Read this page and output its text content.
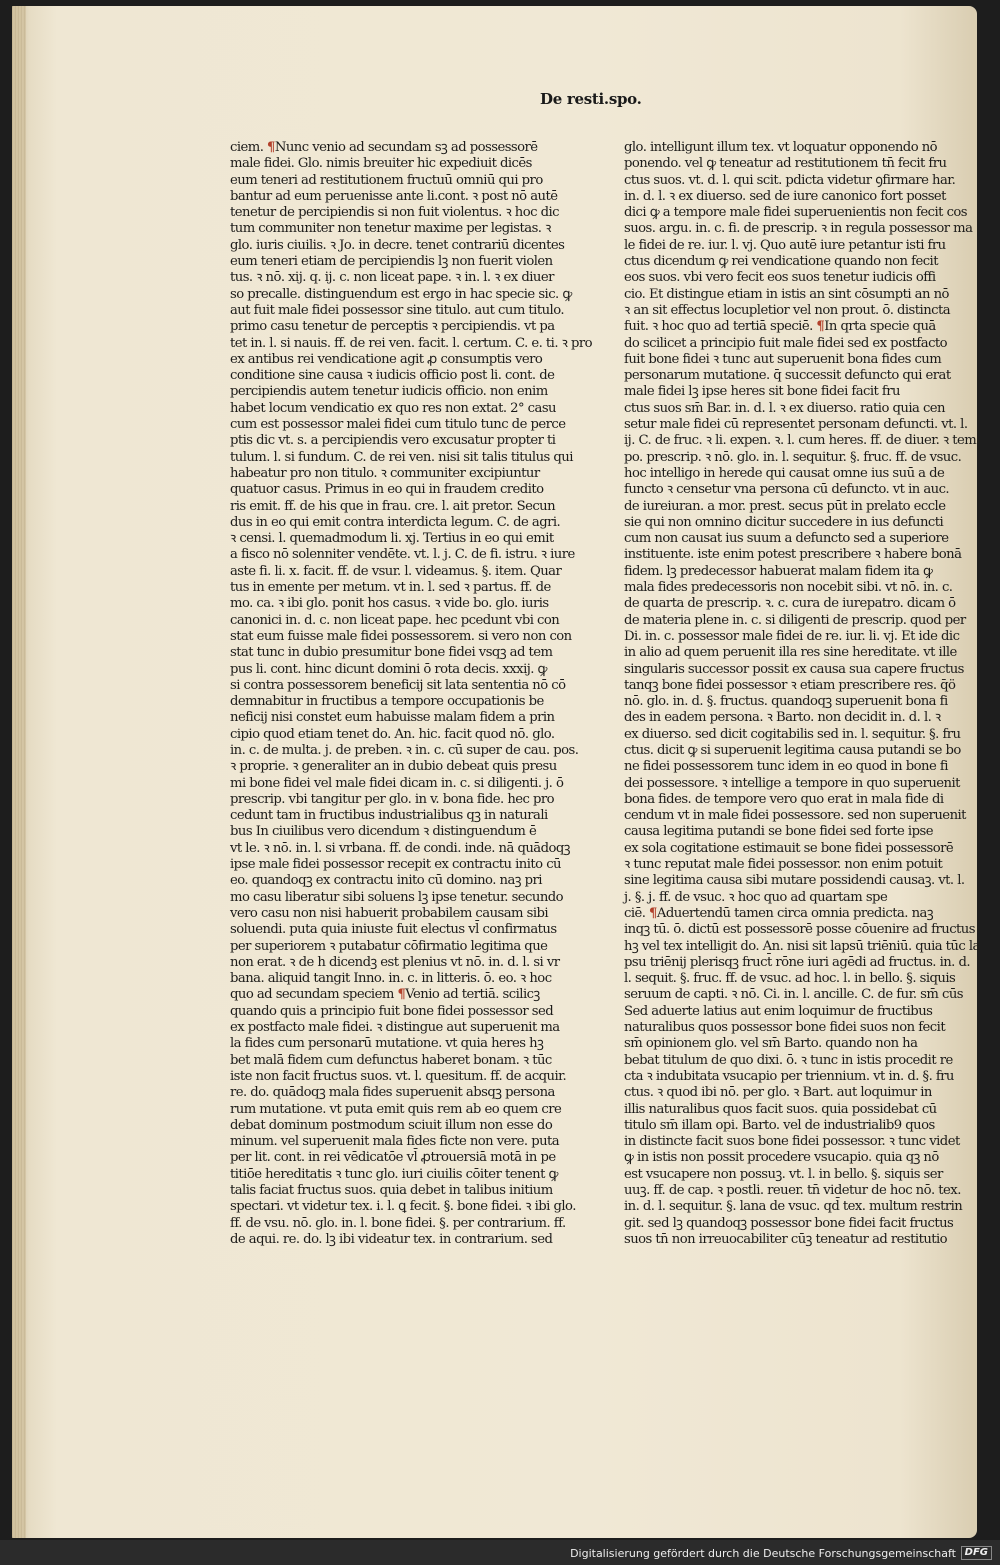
De resti.spo.
ciem. ¶Nunc venio ad secundam sꝫ ad possessorē
male fidei. Glo. nimis breuiter hic expediuit dicēs
eum teneri ad restitutionem fructuū omniū qui pro
bantur ad eum peruenisse ante li.cont. ꝛ post nō autē
tenetur de percipiendis si non fuit violentus. ꝛ hoc dic
tum communiter non tenetur maxime per legistas. ꝛ
glo. iuris ciuilis. ꝛ Jo. in decre. tenet contrariū dicentes
eum teneri etiam de percipiendis lꝫ non fuerit violen
tus. ꝛ nō. xij. q. ij. c. non liceat pape. ꝛ in. l. ꝛ ex diuer
so precalle. distinguendum est ergo in hac specie sic. ꝙ
aut fuit male fidei possessor sine titulo. aut cum titulo.
primo casu tenetur de perceptis ꝛ percipiendis. vt pa
tet in. l. si nauis. ff. de rei ven. facit. l. certum. C. e. ti. ꝛ pro
ex antibus rei vendicatione agit ꝓ consumptis vero
conditione sine causa ꝛ iudicis officio post li. cont. de
percipiendis autem tenetur iudicis officio. non enim
habet locum vendicatio ex quo res non extat. 2° casu
cum est possessor malei fidei cum titulo tunc de perce
ptis dic vt. s. a percipiendis vero excusatur propter ti
tulum. l. si fundum. C. de rei ven. nisi sit talis titulus qui
habeatur pro non titulo. ꝛ communiter excipiuntur
quatuor casus. Primus in eo qui in fraudem credito
ris emit. ff. de his que in frau. cre. l. ait pretor. Secun
dus in eo qui emit contra interdicta legum. C. de agri.
ꝛ censi. l. quemadmodum li. xj. Tertius in eo qui emit
a fisco nō solenniter vendēte. vt. l. j. C. de fi. istru. ꝛ iure
aste fi. li. x. facit. ff. de vsur. l. videamus. §. item. Quar
tus in emente per metum. vt in. l. sed ꝛ partus. ff. de
mo. ca. ꝛ ibi glo. ponit hos casus. ꝛ vide bo. glo. iuris
canonici in. d. c. non liceat pape. hec pcedunt vbi con
stat eum fuisse male fidei possessorem. si vero non con
stat tunc in dubio presumitur bone fidei vsqꝫ ad tem
pus li. cont. hinc dicunt domini ō rota decis. xxxij. ꝙ
si contra possessorem beneficij sit lata sententia nō cō
demnabitur in fructibus a tempore occupationis be
neficij nisi constet eum habuisse malam fidem a prin
cipio quod etiam tenet do. An. hic. facit quod nō. glo.
in. c. de multa. j. de preben. ꝛ in. c. cū super de cau. pos.
ꝛ proprie. ꝛ generaliter an in dubio debeat quis presu
mi bone fidei vel male fidei dicam in. c. si diligenti. j. ō
prescrip. vbi tangitur per glo. in v. bona fide. hec pro
cedunt tam in fructibus industrialibus qꝫ in naturali
bus In ciuilibus vero dicendum ꝛ distinguendum ē
vt le. ꝛ nō. in. l. si vrbana. ff. de condi. inde. nā quādoqꝫ
ipse male fidei possessor recepit ex contractu inito cū
eo. quandoqꝫ ex contractu inito cū domino. naꝫ pri
mo casu liberatur sibi soluens lꝫ ipse tenetur. secundo
vero casu non nisi habuerit probabilem causam sibi
soluendi. puta quia iniuste fuit electus vl̄ confirmatus
per superiorem ꝛ putabatur cōfirmatio legitima que
non erat. ꝛ de h dicendꝫ est plenius vt nō. in. d. l. si vr
bana. aliquid tangit Inno. in. c. in litteris. ō. eo. ꝛ hoc
quo ad secundam speciem ¶Venio ad tertiā. scilicꝫ
quando quis a principio fuit bone fidei possessor sed
ex postfacto male fidei. ꝛ distingue aut superuenit ma
la fides cum personarū mutatione. vt quia heres hꝫ
bet malā fidem cum defunctus haberet bonam. ꝛ tūc
iste non facit fructus suos. vt. l. quesitum. ff. de acquir.
re. do. quādoqꝫ mala fides superuenit absqꝫ persona
rum mutatione. vt puta emit quis rem ab eo quem cre
debat dominum postmodum sciuit illum non esse do
minum. vel superuenit mala fides ficte non vere. puta
per lit. cont. in rei vēdicatōe vl̄ ꝓtrouersiā motā in pe
titiōe hereditatis ꝛ tunc glo. iuri ciuilis cōiter tenent ꝙ
talis faciat fructus suos. quia debet in talibus initium
spectari. vt videtur tex. i. l. ꝗ fecit. §. bone fidei. ꝛ ibi glo.
ff. de vsu. nō. glo. in. l. bone fidei. §. per contrarium. ff.
de aqui. re. do. lꝫ ibi videatur tex. in contrarium. sed
glo. intelligunt illum tex. vt loquatur opponendo nō
ponendo. vel ꝙ teneatur ad restitutionem tn̄ fecit fru
ctus suos. vt. d. l. qui scit. pdicta videtur ꝯfirmare har.
in. d. l. ꝛ ex diuerso. sed de iure canonico fort posset
dici ꝙ a tempore male fidei superuenientis non fecit cos
suos. argu. in. c. fi. de prescrip. ꝛ in regula possessor ma
le fidei de re. iur. l. vj. Quo autē iure petantur isti fru
ctus dicendum ꝙ rei vendicatione quando non fecit
eos suos. vbi vero fecit eos suos tenetur iudicis offi
cio. Et distingue etiam in istis an sint cōsumpti an nō
ꝛ an sit effectus locupletior vel non prout. ō. distincta
fuit. ꝛ hoc quo ad tertiā speciē. ¶In qrta specie quā
do scilicet a principio fuit male fidei sed ex postfacto
fuit bone fidei ꝛ tunc aut superuenit bona fides cum
personarum mutatione. q̄ successit defuncto qui erat
male fidei lꝫ ipse heres sit bone fidei facit fru
ctus suos sm̄ Bar. in. d. l. ꝛ ex diuerso. ratio quia cen
setur male fidei cū representet personam defuncti. vt. l.
ij. C. de fruc. ꝛ li. expen. ꝛ. l. cum heres. ff. de diuer. ꝛ tem
po. prescrip. ꝛ nō. glo. in. l. sequitur. §. fruc. ff. de vsuc.
hoc intelligo in herede qui causat omne ius suū a de
functo ꝛ censetur vna persona cū defuncto. vt in auc.
de iureiuran. a mor. prest. secus pūt in prelato eccle
sie qui non omnino dicitur succedere in ius defuncti
cum non causat ius suum a defuncto sed a superiore
instituente. iste enim potest prescribere ꝛ habere bonā
fidem. lꝫ predecessor habuerat malam fidem ita ꝙ
mala fides predecessoris non nocebit sibi. vt nō. in. c.
de quarta de prescrip. ꝛ. c. cura de iurepatro. dicam ō
de materia plene in. c. si diligenti de prescrip. quod per
Di. in. c. possessor male fidei de re. iur. li. vj. Et ide dic
in alio ad quem peruenit illa res sine hereditate. vt ille
singularis successor possit ex causa sua capere fructus
tanqꝫ bone fidei possessor ꝛ etiam prescribere res. q̄ö
nō. glo. in. d. §. fructus. quandoqꝫ superuenit bona fi
des in eadem persona. ꝛ Barto. non decidit in. d. l. ꝛ
ex diuerso. sed dicit cogitabilis sed in. l. sequitur. §. fru
ctus. dicit ꝙ si superuenit legitima causa putandi se bo
ne fidei possessorem tunc idem in eo quod in bone fi
dei possessore. ꝛ intellige a tempore in quo superuenit
bona fides. de tempore vero quo erat in mala fide di
cendum vt in male fidei possessore. sed non superuenit
causa legitima putandi se bone fidei sed forte ipse
ex sola cogitatione estimauit se bone fidei possessorē
ꝛ tunc reputat male fidei possessor. non enim potuit
sine legitima causa sibi mutare possidendi causaꝫ. vt. l.
j. §. j. ff. de vsuc. ꝛ hoc quo ad quartam spe
ciē. ¶Aduertendū tamen circa omnia predicta. naꝫ
inqꝫ tū. ō. dictū est possessorē posse cōuenire ad fructus
hꝫ vel tex intelligit do. An. nisi sit lapsū triēniū. quia tūc la
psu triēnij plerisqꝫ fruct̄ rōne iuri agēdi ad fructus. in. d.
l. sequit. §. fruc. ff. de vsuc. ad hoc. l. in bello. §. siquis
seruum de capti. ꝛ nō. Ci. in. l. ancille. C. de fur. sm̄ cūs
Sed aduerte latius aut enim loquimur de fructibus
naturalibus quos possessor bone fidei suos non fecit
sm̄ opinionem glo. vel sm̄ Barto. quando non ha
bebat titulum de quo dixi. ō. ꝛ tunc in istis procedit re
cta ꝛ indubitata vsucapio per triennium. vt in. d. §. fru
ctus. ꝛ quod ibi nō. per glo. ꝛ Bart. aut loquimur in
illis naturalibus quos facit suos. quia possidebat cū
titulo sm̄ illam opi. Barto. vel de industrialib9 quos
in distincte facit suos bone fidei possessor. ꝛ tunc videt
ꝙ in istis non possit procedere vsucapio. quia qꝫ nō
est vsucapere non possuꝫ. vt. l. in bello. §. siquis ser
uuꝫ. ff. de cap. ꝛ postli. reuer. tn̄ videtur de hoc nō. tex.
in. d. l. sequitur. §. lana de vsuc. qd̄ tex. multum restrin
git. sed lꝫ quandoqꝫ possessor bone fidei facit fructus
suos tn̄ non irreuocabiliter cūꝫ teneatur ad restitutio
Digitalisierung gefördert durch die Deutsche Forschungsgemeinschaft DFG
